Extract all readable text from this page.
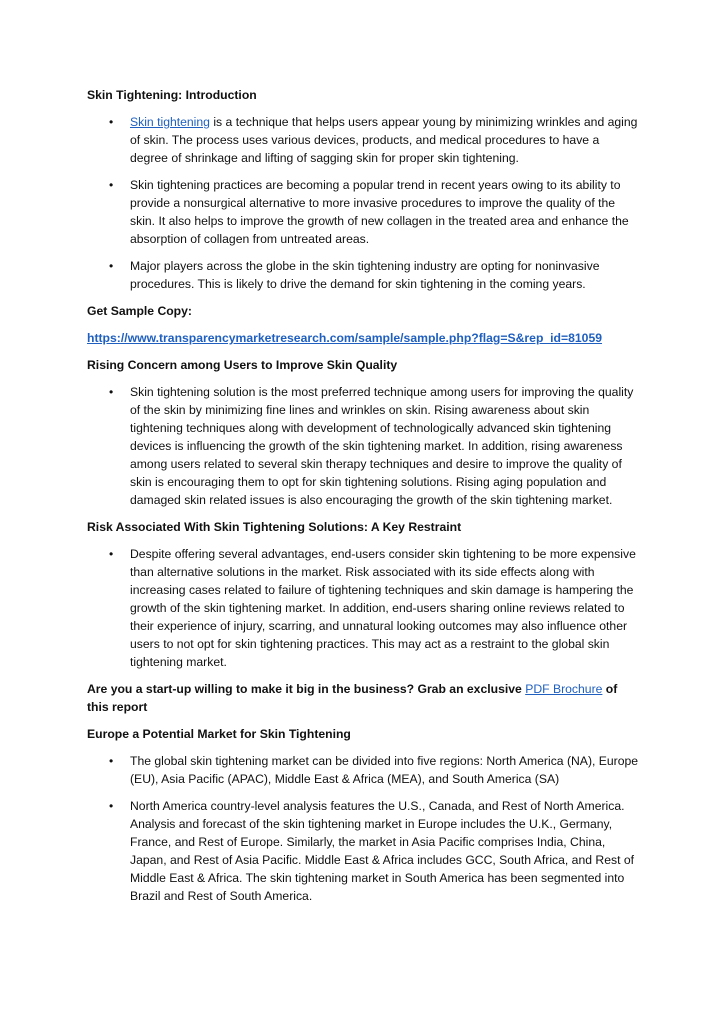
Skin Tightening: Introduction
• Skin tightening is a technique that helps users appear young by minimizing wrinkles and aging of skin. The process uses various devices, products, and medical procedures to have a degree of shrinkage and lifting of sagging skin for proper skin tightening.
• Skin tightening practices are becoming a popular trend in recent years owing to its ability to provide a nonsurgical alternative to more invasive procedures to improve the quality of the skin. It also helps to improve the growth of new collagen in the treated area and enhance the absorption of collagen from untreated areas.
• Major players across the globe in the skin tightening industry are opting for noninvasive procedures. This is likely to drive the demand for skin tightening in the coming years.
Get Sample Copy:
https://www.transparencymarketresearch.com/sample/sample.php?flag=S&rep_id=81059
Rising Concern among Users to Improve Skin Quality
• Skin tightening solution is the most preferred technique among users for improving the quality of the skin by minimizing fine lines and wrinkles on skin. Rising awareness about skin tightening techniques along with development of technologically advanced skin tightening devices is influencing the growth of the skin tightening market. In addition, rising awareness among users related to several skin therapy techniques and desire to improve the quality of skin is encouraging them to opt for skin tightening solutions. Rising aging population and damaged skin related issues is also encouraging the growth of the skin tightening market.
Risk Associated With Skin Tightening Solutions: A Key Restraint
• Despite offering several advantages, end-users consider skin tightening to be more expensive than alternative solutions in the market. Risk associated with its side effects along with increasing cases related to failure of tightening techniques and skin damage is hampering the growth of the skin tightening market. In addition, end-users sharing online reviews related to their experience of injury, scarring, and unnatural looking outcomes may also influence other users to not opt for skin tightening practices. This may act as a restraint to the global skin tightening market.
Are you a start-up willing to make it big in the business? Grab an exclusive PDF Brochure of this report
Europe a Potential Market for Skin Tightening
• The global skin tightening market can be divided into five regions: North America (NA), Europe (EU), Asia Pacific (APAC), Middle East & Africa (MEA), and South America (SA)
• North America country-level analysis features the U.S., Canada, and Rest of North America. Analysis and forecast of the skin tightening market in Europe includes the U.K., Germany, France, and Rest of Europe. Similarly, the market in Asia Pacific comprises India, China, Japan, and Rest of Asia Pacific. Middle East & Africa includes GCC, South Africa, and Rest of Middle East & Africa. The skin tightening market in South America has been segmented into Brazil and Rest of South America.
